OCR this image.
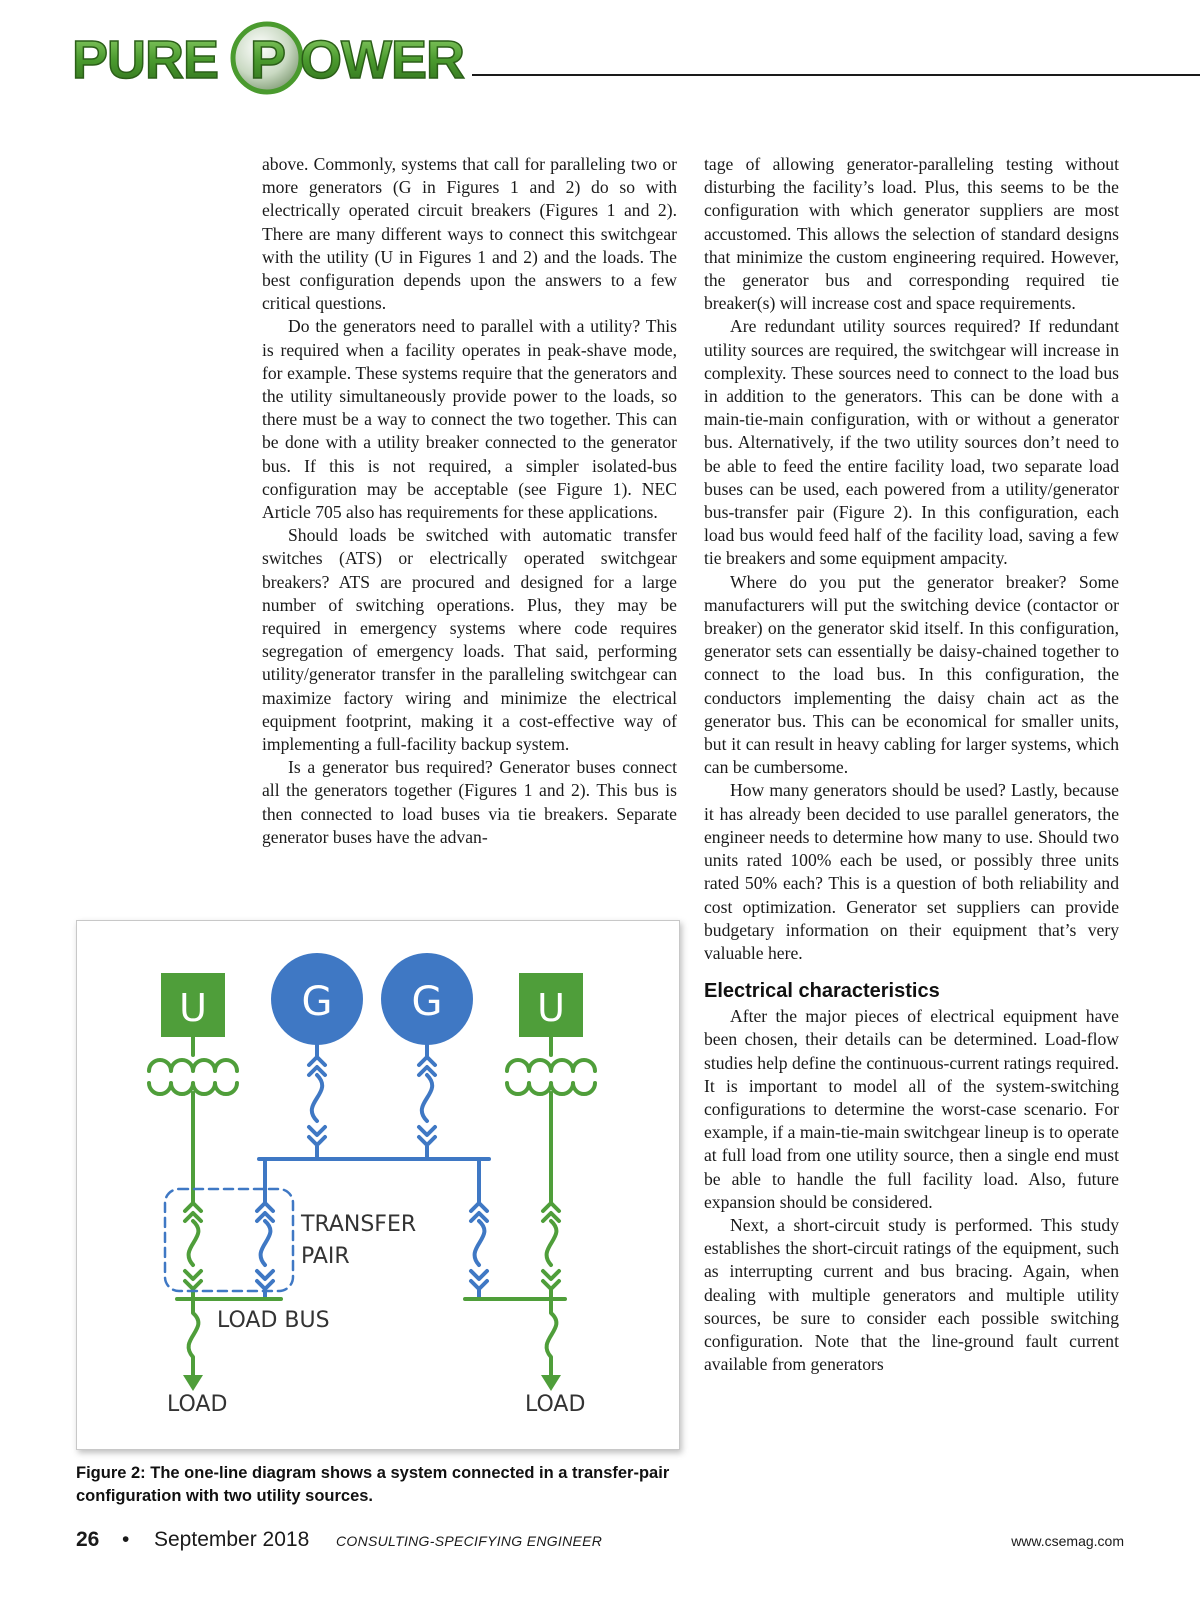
PURE P OWER

above. Commonly, systems that call for paralleling two or more generators (G in Figures 1 and 2) do so with electrically operated circuit breakers (Figures 1 and 2). There are many different ways to connect this switchgear with the utility (U in Figures 1 and 2) and the loads. The best configuration depends upon the answers to a few critical questions.

Do the generators need to parallel with a utility? This is required when a facility operates in peak-shave mode, for example. These systems require that the generators and the utility simultaneously provide power to the loads, so there must be a way to connect the two together. This can be done with a utility breaker connected to the generator bus. If this is not required, a simpler isolated-bus configuration may be acceptable (see Figure 1). NEC Article 705 also has requirements for these applications.

Should loads be switched with automatic transfer switches (ATS) or electrically operated switchgear breakers? ATS are procured and designed for a large number of switching operations. Plus, they may be required in emergency systems where code requires segregation of emergency loads. That said, performing utility/generator transfer in the paralleling switchgear can maximize factory wiring and minimize the electrical equipment footprint, making it a cost-effective way of implementing a full-facility backup system.

Is a generator bus required? Generator buses connect all the generators together (Figures 1 and 2). This bus is then connected to load buses via tie breakers. Separate generator buses have the advan-

tage of allowing generator-paralleling testing without disturbing the facility’s load. Plus, this seems to be the configuration with which generator suppliers are most accustomed. This allows the selection of standard designs that minimize the custom engineering required. However, the generator bus and corresponding required tie breaker(s) will increase cost and space requirements.

Are redundant utility sources required? If redundant utility sources are required, the switchgear will increase in complexity. These sources need to connect to the load bus in addition to the generators. This can be done with a main-tie-main configuration, with or without a generator bus. Alternatively, if the two utility sources don’t need to be able to feed the entire facility load, two separate load buses can be used, each powered from a utility/generator bus-transfer pair (Figure 2). In this configuration, each load bus would feed half of the facility load, saving a few tie breakers and some equipment ampacity.

Where do you put the generator breaker? Some manufacturers will put the switching device (contactor or breaker) on the generator skid itself. In this configuration, generator sets can essentially be daisy-chained together to connect to the load bus. In this configuration, the conductors implementing the daisy chain act as the generator bus. This can be economical for smaller units, but it can result in heavy cabling for larger systems, which can be cumbersome.

How many generators should be used? Lastly, because it has already been decided to use parallel generators, the engineer needs to determine how many to use. Should two units rated 100% each be used, or possibly three units rated 50% each? This is a question of both reliability and cost optimization. Generator set suppliers can provide budgetary information on their equipment that’s very valuable here.

Electrical characteristics

After the major pieces of electrical equipment have been chosen, their details can be determined. Load-flow studies help define the continuous-current ratings required. It is important to model all of the system-switching configurations to determine the worst-case scenario. For example, if a main-tie-main switchgear lineup is to operate at full load from one utility source, then a single end must be able to handle the full facility load. Also, future expansion should be considered.

Next, a short-circuit study is performed. This study establishes the short-circuit ratings of the equipment, such as interrupting current and bus bracing. Again, when dealing with multiple generators and multiple utility sources, be sure to consider each possible switching configuration. Note that the line-ground fault current available from generators

U	U
G G
TRANSFER
PAIR
LOAD BUS
LOAD	LOAD
Figure 2: The one-line diagram shows a system connected in a transfer-pair configuration with two utility sources.
26 • September 2018 CONSULTING-SPECIFYING ENGINEER	www.csemag.com
